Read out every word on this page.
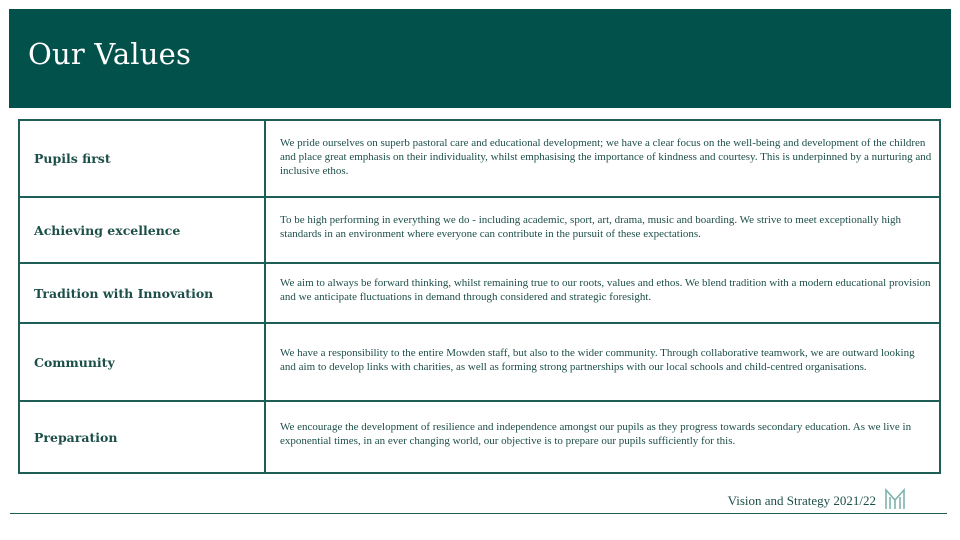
Our Values
Pupils first	We pride ourselves on superb pastoral care and educational development; we have a clear focus on the well-being and development of the children and place great emphasis on their individuality, whilst emphasising the importance of kindness and courtesy. This is underpinned by a nurturing and inclusive ethos.
Achieving excellence	To be high performing in everything we do - including academic, sport, art, drama, music and boarding. We strive to meet exceptionally high standards in an environment where everyone can contribute in the pursuit of these expectations.
Tradition with Innovation	We aim to always be forward thinking, whilst remaining true to our roots, values and ethos. We blend tradition with a modern educational provision and we anticipate fluctuations in demand through considered and strategic foresight.
Community	We have a responsibility to the entire Mowden staff, but also to the wider community. Through collaborative teamwork, we are outward looking and aim to develop links with charities, as well as forming strong partnerships with our local schools and child-centred organisations.
Preparation	We encourage the development of resilience and independence amongst our pupils as they progress towards secondary education. As we live in exponential times, in an ever changing world, our objective is to prepare our pupils sufficiently for this.
Vision and Strategy 2021/22
